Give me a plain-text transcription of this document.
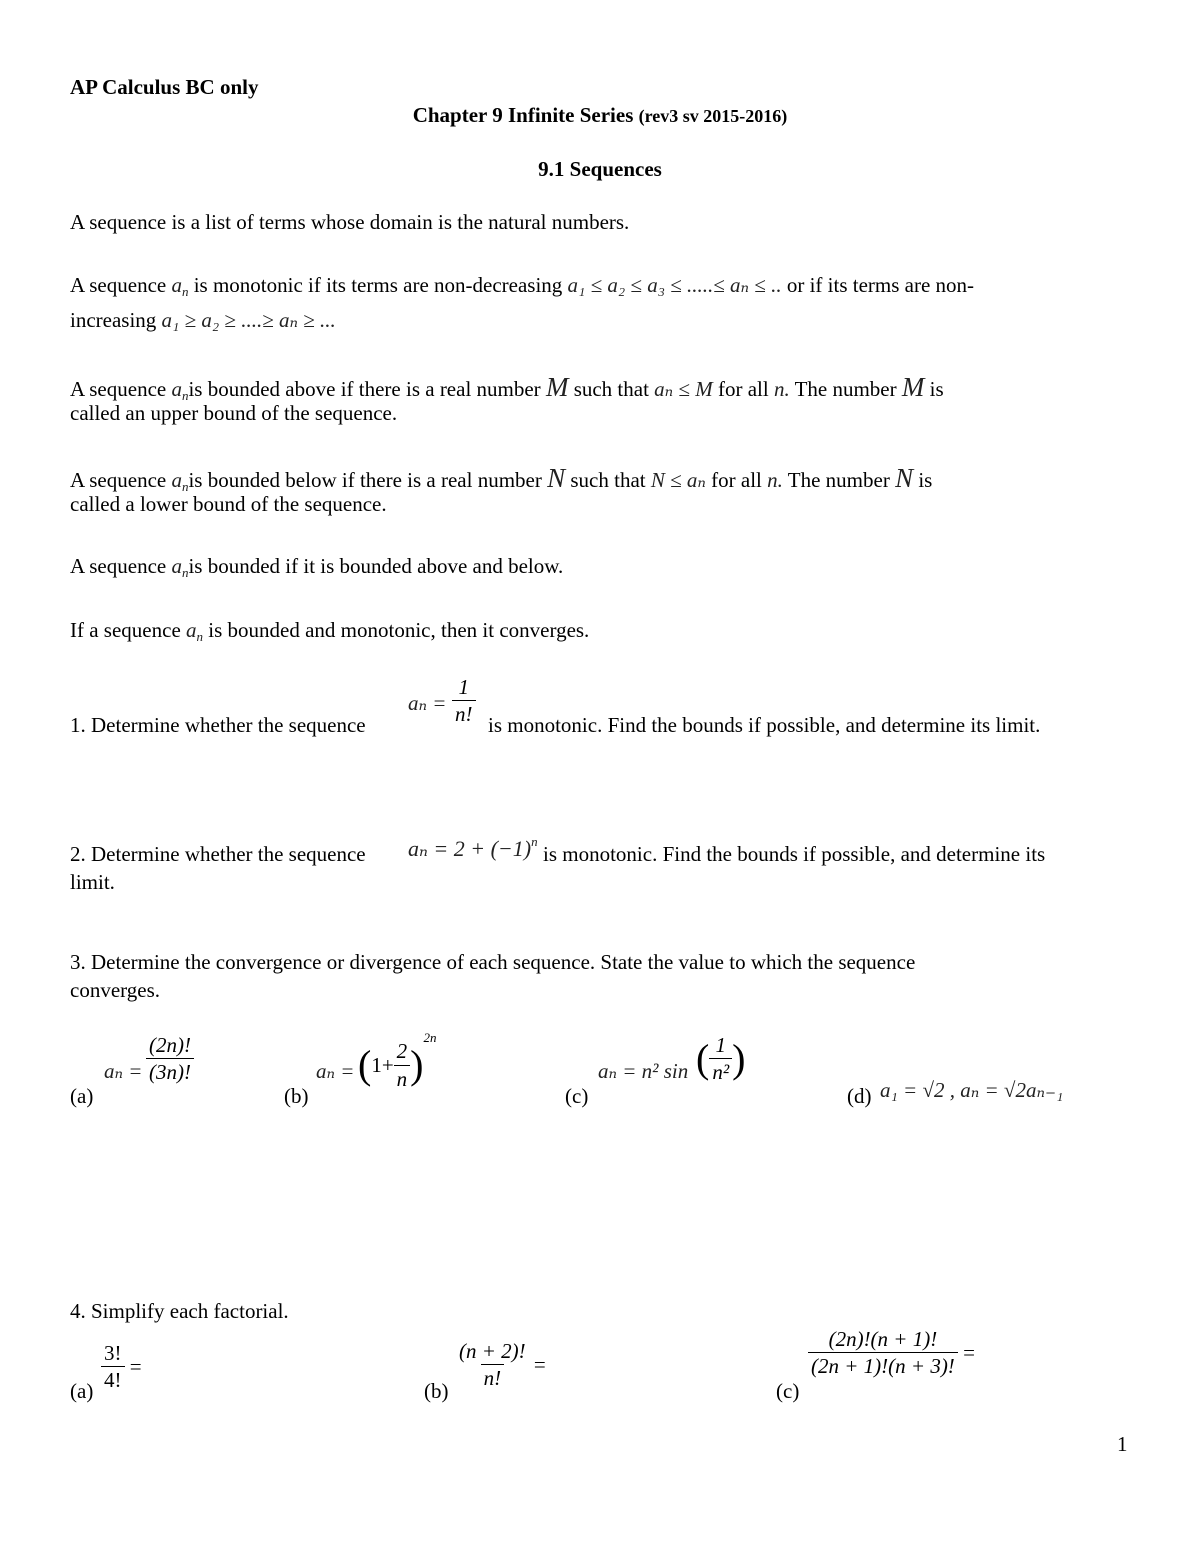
AP Calculus BC only
Chapter 9 Infinite Series (rev3 sv 2015-2016)
9.1 Sequences
A sequence is a list of terms whose domain is the natural numbers.
A sequence $a_n$ is monotonic if its terms are non-decreasing a₁ ≤ a₂ ≤ a₃ ≤ .....≤ aₙ ≤ .. or if its terms are non-
increasing a₁ ≥ a₂ ≥ ....≥ aₙ ≥ ...
A sequence $a_nis$ bounded above if there is a real number M such that aₙ ≤ M for all n. The number M is
called an upper bound of the sequence.
A sequence $a_nis$ bounded below if there is a real number N such that N ≤ aₙ for all n. The number N is
called a lower bound of the sequence.
A sequence $a_nis$ bounded if it is bounded above and below.
If a sequence $a_n$ is bounded and monotonic, then it converges.
1. Determine whether the sequence
$a_n = \frac{1}{n!}$ is monotonic. Find the bounds if possible, and determine its limit.
2. Determine whether the sequence $a_n = 2 + (-1)^n$
is monotonic. Find the bounds if possible, and determine its
limit.
3. Determine the convergence or divergence of each sequence. State the value to which the sequence
converges.
(a)
$a_n = \frac{(2n)!}{(3n)!}$
(b)
$a_n = (1+ \frac{2}{n} )^{2n}$
(c)
aₙ = n² sin ( $\frac{1}{\text{n²}}$ )
(d) a₁ = √2 , aₙ = √2aₙ₋₁
4. Simplify each factorial.
$(a) \frac{3!}{4!}$ =
$(b) \frac{(n + 2)!}{n!}$ =
(c)
$\frac{(2n)!(n + 1)!}{(2n + 1)!(n + 3)!}$ =
1
